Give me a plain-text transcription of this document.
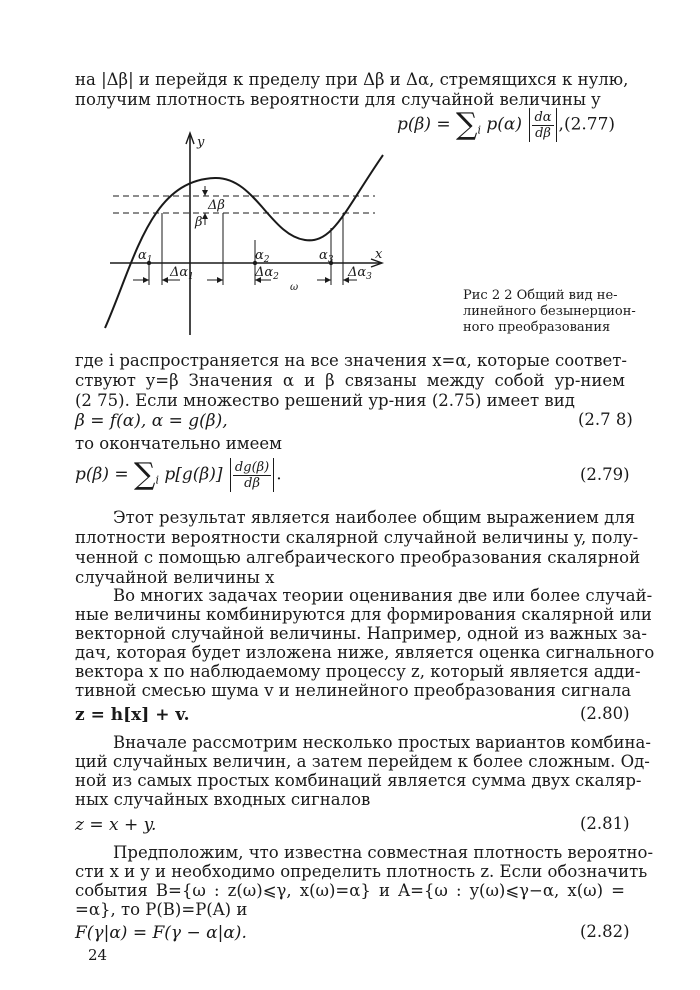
на |Δβ| и перейдя к пределу при Δβ и Δα, стремящихся к нулю,
получим плотность вероятности для случайной величины y
$p(\beta) = \sum_i$ $p(\alpha) \frac{d\alpha}{d\beta} ,(2.77)$
y
x
$\alpha_1$	$\alpha_2$	$\alpha_3$
$\Delta\alpha_1$	$\Delta\alpha_2$	$\Delta\alpha_3$
Δβ
β
ω
Рис 2 2 Общий вид не-
линейного безынерцион-
ного преобразования
где i распространяется на все значения x=α, которые соответ-
ствуют y=β Значения α и β связаны между собой ур-нием
(2 75). Если множество решений ур-ния (2.75) имеет вид
β = f(α), α = g(β),	(2.7 8)
то окончательно имеем
$p(\beta) = \sum_i$ $p[g(\beta)] \frac{dg(\beta)}{d\beta}$ .	(2.79)
Этот результат является наиболее общим выражением для
плотности вероятности скалярной случайной величины y, полу-
ченной с помощью алгебраического преобразования скалярной
случайной величины x
Во многих задачах теории оценивания две или более случай-
ные величины комбинируются для формирования скалярной или
векторной случайной величины. Например, одной из важных за-
дач, которая будет изложена ниже, является оценка сигнального
вектора x по наблюдаемому процессу z, который является адди-
тивной смесью шума v и нелинейного преобразования сигнала
z = h[x] + v.	(2.80)
Вначале рассмотрим несколько простых вариантов комбина-
ций случайных величин, а затем перейдем к более сложным. Од-
ной из самых простых комбинаций является сумма двух скаляр-
ных случайных входных сигналов
z = x + y.	(2.81)
Предположим, что известна совместная плотность вероятно-
сти x и y и необходимо определить плотность z. Если обозначить
события B={ω : z(ω)⩽γ, x(ω)=α} и A={ω : y(ω)⩽γ−α, x(ω) =
=α}, то P(B)=P(A) и
F(γ|α) = F(γ − α|α).	(2.82)
24
